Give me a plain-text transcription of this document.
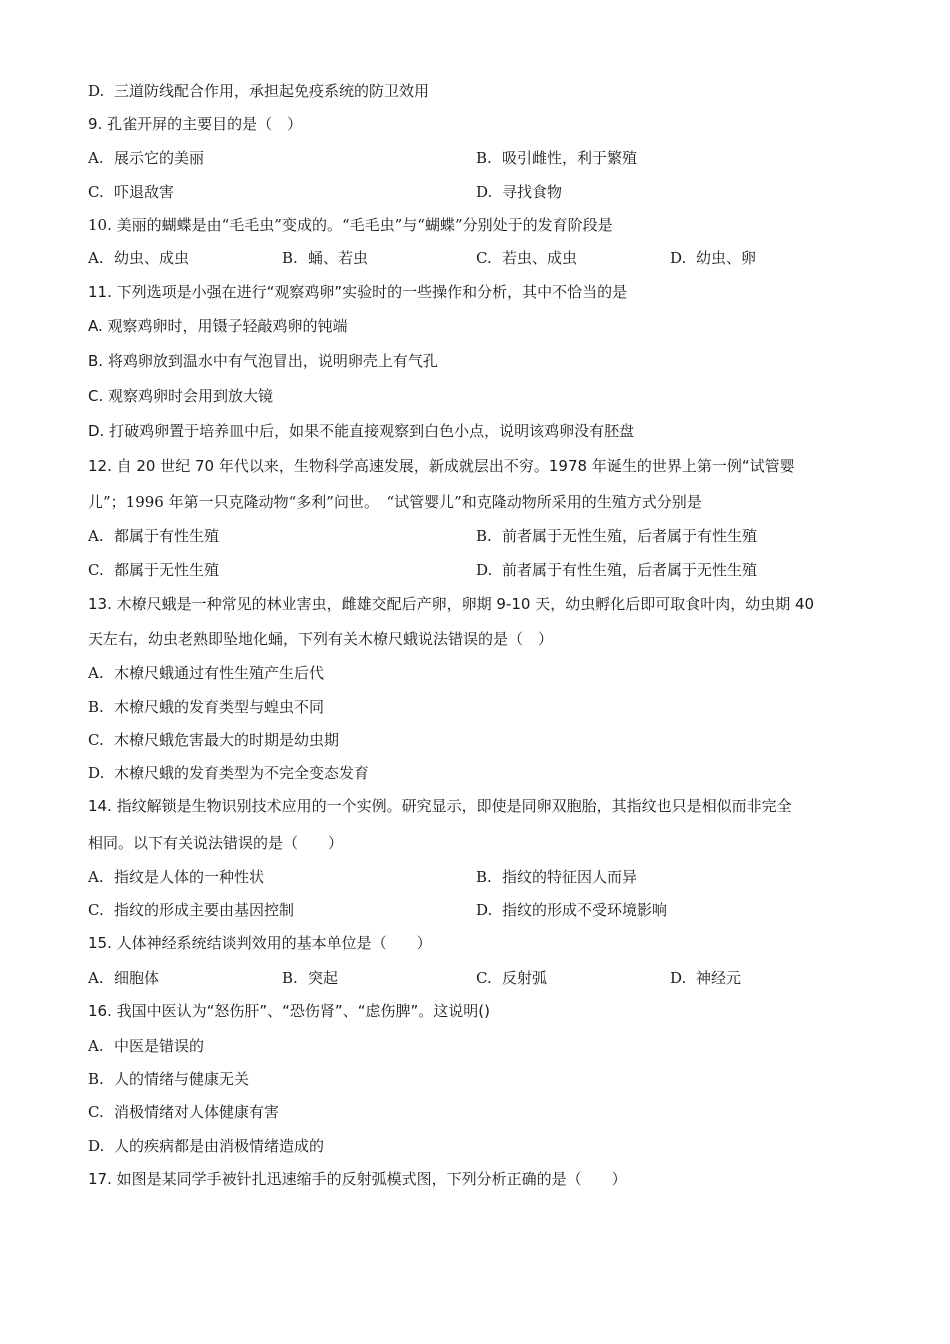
D. 三道防线配合作用，承担起免疫系统的防卫效用
9. 孔雀开屏的主要目的是（　）
A. 展示它的美丽	B. 吸引雌性，利于繁殖
C. 吓退敌害	D. 寻找食物
10. 美丽的蝴蝶是由“毛毛虫”变成的。“毛毛虫”与“蝴蝶”分别处于的发育阶段是
A. 幼虫、成虫	B. 蛹、若虫	C. 若虫、成虫	D. 幼虫、卵
11. 下列选项是小强在进行“观察鸡卵”实验时的一些操作和分析，其中不恰当的是
A. 观察鸡卵时，用镊子轻敲鸡卵的钝端
B. 将鸡卵放到温水中有气泡冒出，说明卵壳上有气孔
C. 观察鸡卵时会用到放大镜
D. 打破鸡卵置于培养皿中后，如果不能直接观察到白色小点，说明该鸡卵没有胚盘
12. 自 20 世纪 70 年代以来，生物科学高速发展，新成就层出不穷。1978 年诞生的世界上第一例“试管婴
儿”；1996 年第一只克隆动物“多利”问世。　“试管婴儿”和克隆动物所采用的生殖方式分别是
A. 都属于有性生殖	B. 前者属于无性生殖，后者属于有性生殖
C. 都属于无性生殖	D. 前者属于有性生殖，后者属于无性生殖
13. 木橑尺蛾是一种常见的林业害虫，雌雄交配后产卵，卵期 9-10 天，幼虫孵化后即可取食叶肉，幼虫期 40
天左右，幼虫老熟即坠地化蛹，下列有关木橑尺蛾说法错误的是（　）
A. 木橑尺蛾通过有性生殖产生后代
B. 木橑尺蛾的发育类型与蝗虫不同
C. 木橑尺蛾危害最大的时期是幼虫期
D. 木橑尺蛾的发育类型为不完全变态发育
14. 指纹解锁是生物识别技术应用的一个实例。研究显示，即使是同卵双胞胎，其指纹也只是相似而非完全
相同。以下有关说法错误的是（　　）
A. 指纹是人体的一种性状	B. 指纹的特征因人而异
C. 指纹的形成主要由基因控制	D. 指纹的形成不受环境影响
15. 人体神经系统结谈判效用的基本单位是（　　）
A. 细胞体	B. 突起	C. 反射弧	D. 神经元
16. 我国中医认为“怒伤肝”、“恐伤肾”、“虑伤脾”。这说明()
A. 中医是错误的
B. 人的情绪与健康无关
C. 消极情绪对人体健康有害
D. 人的疾病都是由消极情绪造成的
17. 如图是某同学手被针扎迅速缩手的反射弧模式图，下列分析正确的是（　　）
